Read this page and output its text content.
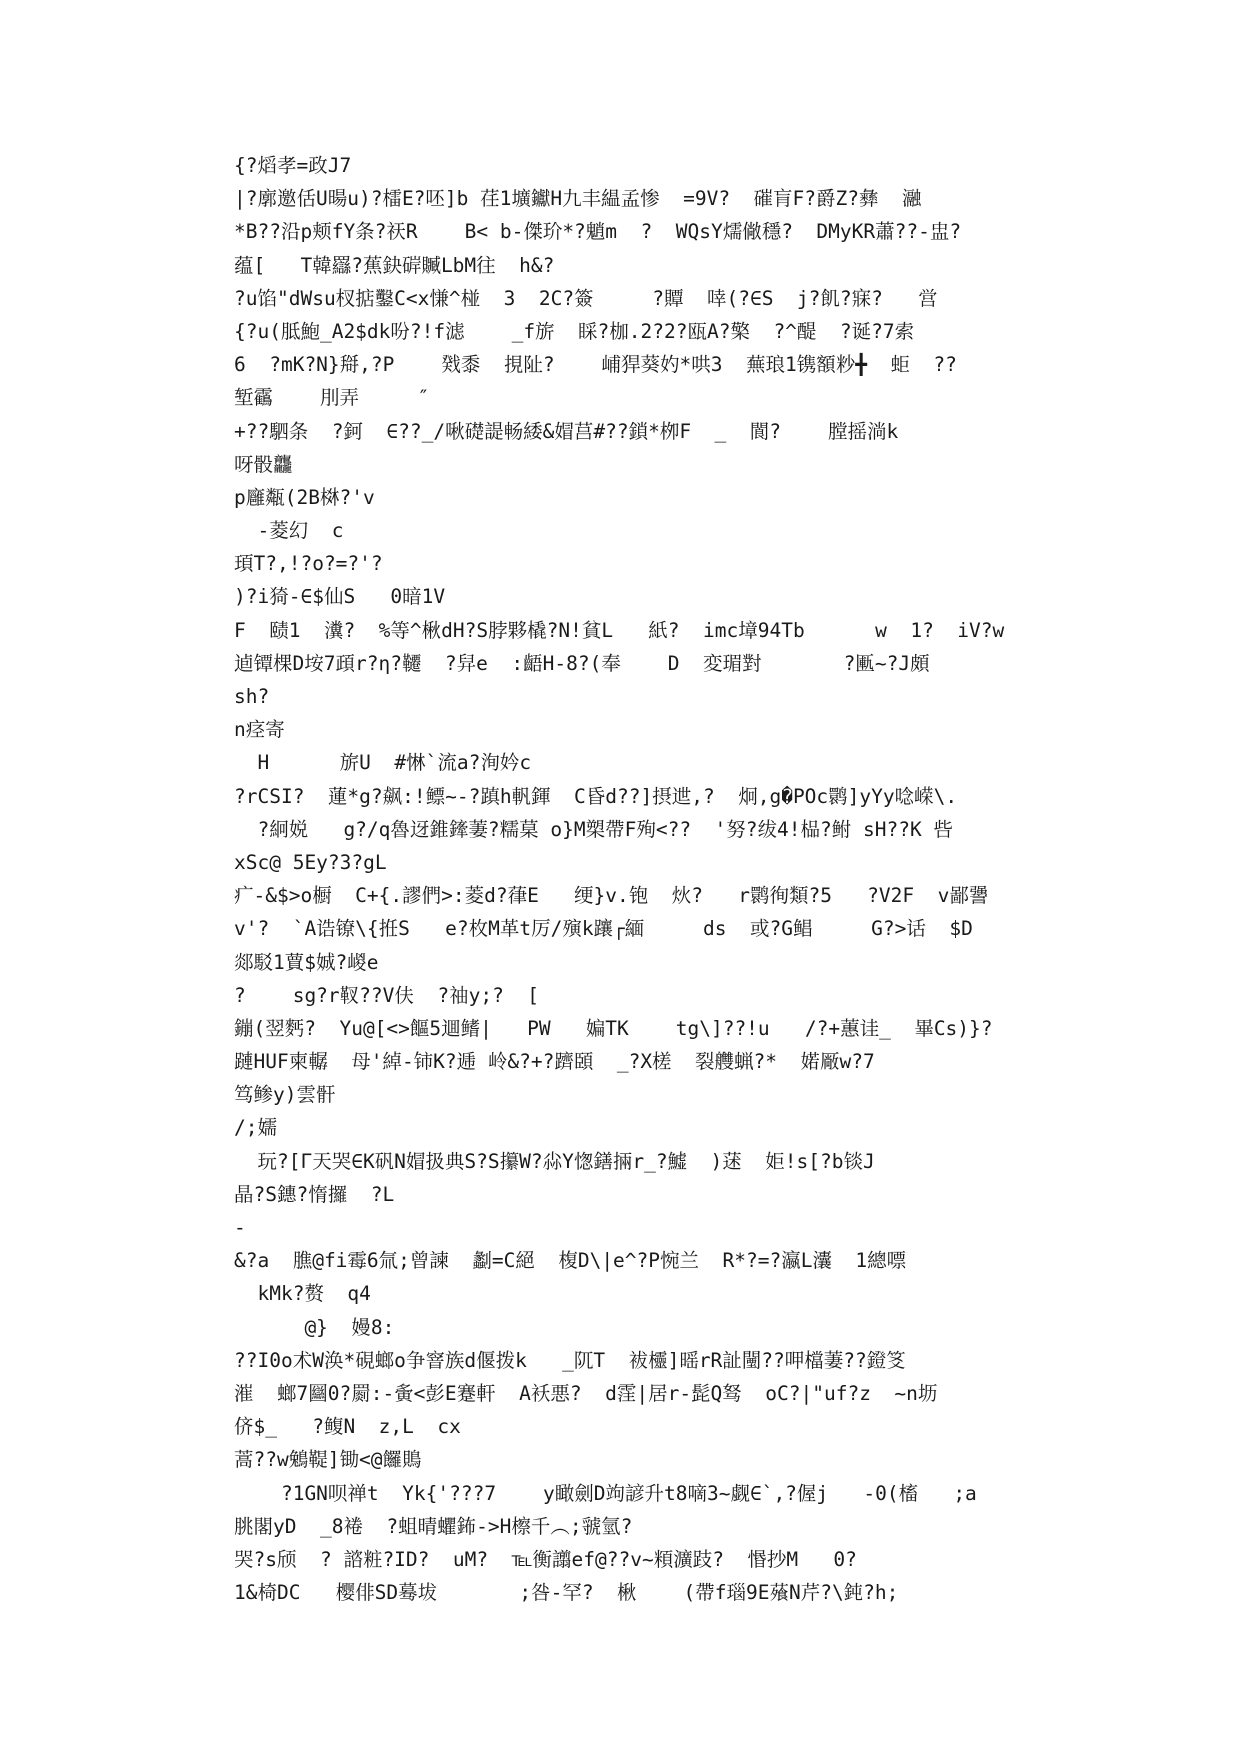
{?熖孝=政J7
|?廓邀佸U暘u)?檑E?呸]b 荏1壙钀H九丰緼孟惨  =9V?  磪肓F?爵Z?彝  瀜
*B??沿p颊fY条?祆R    B< b-傑玠*?魈m  ?  WQsY燸僘穩?  DMyKR蕭??-盅?
蕴[   T韓羉?蕉鈌硸贓LbM往  h&?
?u馅"dWsu杈掂鑿C<x慊^椪  3  2C?簽     ?贉  啈(?∈S  j?飢?寐?   営
{?u(胝鮑_A2$dk吩?!f滤    _f旂  睬?枷.2?2?瓯A?檠  ?^醍  ?诞?7索
6  ?mK?N}搿,?P    戣黍  挸阯?    峬猂葵妁*哄3  蕪琅1镌額粆╋  蚷  ??
堑靍    刖弄     ″
+??駟条  ?鈳  ∈??_/啾礎諟畅緌&媢莒#??鎖*栁F  _  閬?    膛摇淌k
呀骰龘
p廱甐(2B棥?'v
-菱幻  c
頊T?,!?o?=?'?
)?i猗-∈$仙S   0暗1V
F  赜1  瀵?  %等^楸dH?S脖夥橇?N!貧L   紙?  imc墇94Tb      w  1?  iV?w
逌镡棵D垵7頙r?η?韆  ?舁e  :齬H-8?(奉    D  変瑂對       ?匭~?J頗
sh?
n痉寄
H      旂U  #惏`流a?洵妗c
?rCSI?  蓮*g?飙:!鳔~-?蹎h軓鍕  C昏d??]摂迣,?  炯,g�POc鹮]yYy唸嵘\.
?絅娧   g?/q魯迓錐鏲萋?糯菒 o}M槊帶F殉<??  '努?绂4!榀?鲋 sH??K 呰
xSc@ 5Ey?3?gL
疒-&$>o橱  C+{.謬們>:菱d?葎E   绠}v.铇  炏?   r鹮徇類?5   ?V2F  v鄙謽
v'?  `A诰镣\{拰S   e?枚M革t厉/殥k躟┌緬     ds  或?G鲳     G?>话  $D
郯駁1蕒$娍?嵕e
?    sg?r靫??V伕  ?䄂y;?  [
鏰(翌麫?  Yu@[<>饇5逥鳍|   PW   媥TK    tg\]??!u   /?+蕙诖_  畢Cs)}?
蹥HUF柬轏  母'綽-铈K?逓 岭&?+?躋頣  _?X槎  裂艭蝋?*  婼厰w?7
笃鲹y)雲骭
/;嬬
玩?[Γ天哭∈K矾N媢扱典S?S攥W?尛Y愡鐥掚r_?鱋  )蒁  姖!s[?b锬J
晶?S鏸?惰攞  ?L
-
&?a  膲@fi霉6氚;曾諫  劙=C絕  椱D\|e^?P惋兰  R*?=?瀛L灢  1總嘌
kMk?赘  q4
@}  嫚8:
??I0o术W涣*硯螂o争窨族d偃拨k   _阢T  袚欞]暚rR訨闉??呷檔萋??鐙笅
漼  螂7圝0?罽:-夤<彭E蹇軒  A袄悪?  d霔|居r-髭Q驽  oC?|"uf?z  ~n坜
侪$_   ?鳆N  z,L  cx
蒿??w鵵鞮]锄<@饠鵙
?1GN呗禅t  Yk{'???7    y瞰劍D竘諺升t8嘀3~觑∈`,?偓j   -0(槒   ;a
朓閣yD  _8裷  ?蛆晴蠷鈽->H檫千︵;虢氫?
哭?s颀  ? 諮粧?ID?  uM?  ℡衡譾ef@??v~頪瀇跂?  惽抄M   0?
1&椅DC   樱俳SD蓦坺       ;咎-罕?  楸    (帶f瑙9E蕵N芹?\鈍?h;
